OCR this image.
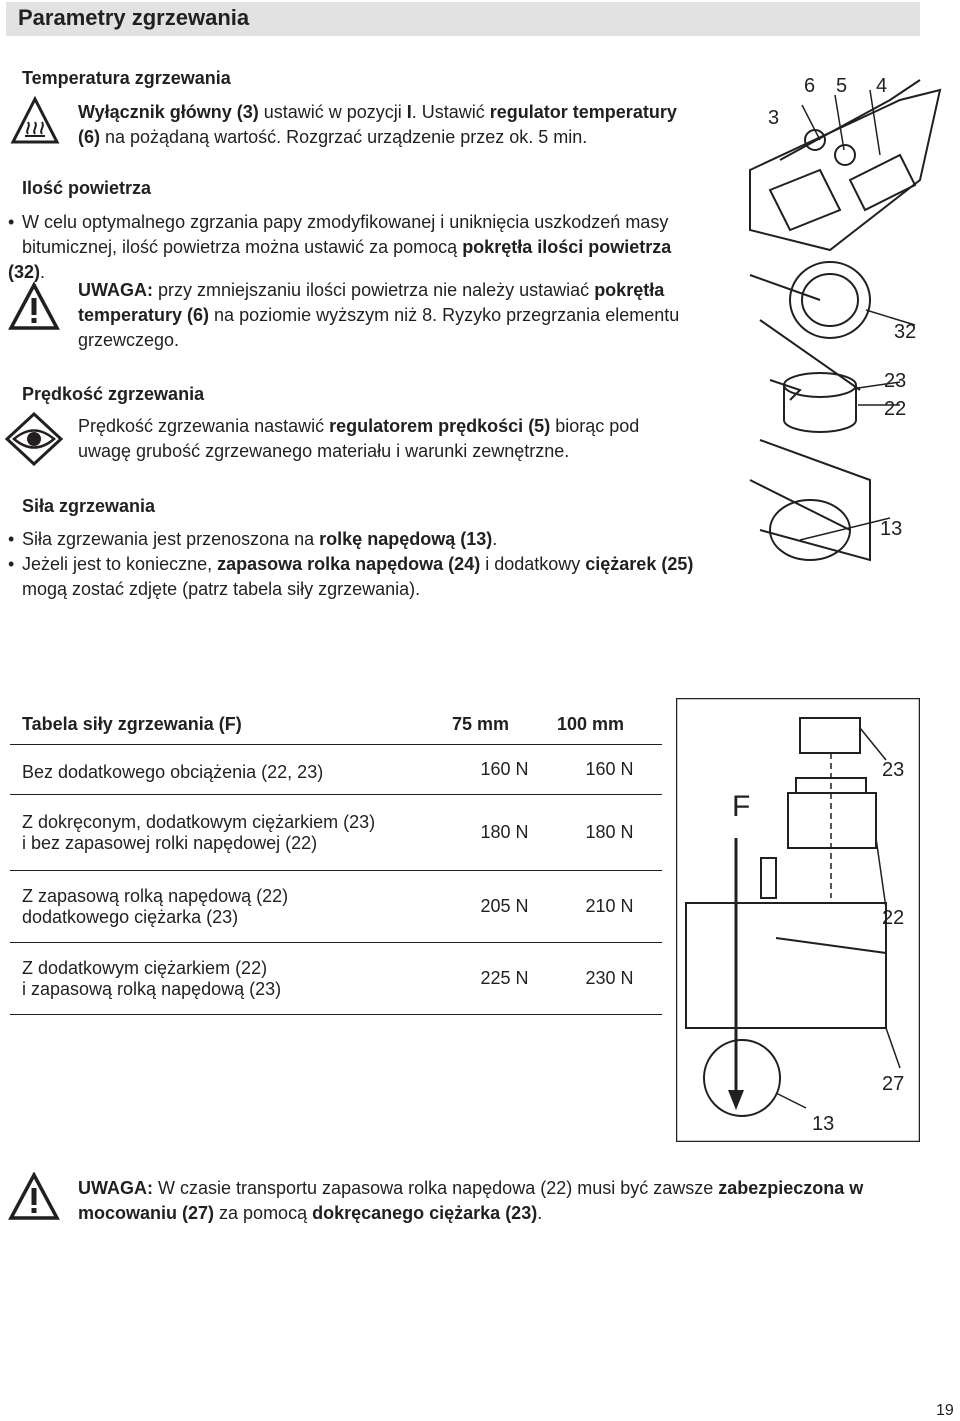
Parametry zgrzewania
Temperatura zgrzewania
Wyłącznik główny (3) ustawić w pozycji I. Ustawić regulator temperatury
(6) na pożądaną wartość. Rozgrzać urządzenie przez ok. 5 min.
Ilość powietrza
• W celu optymalnego zgrzania papy zmodyfikowanej i uniknięcia uszkodzeń masy
bitumicznej, ilość powietrza można ustawić za pomocą pokrętła ilości powietrza (32).
UWAGA: przy zmniejszaniu ilości powietrza nie należy ustawiać pokrętła
temperatury (6) na poziomie wyższym niż 8. Ryzyko przegrzania elementu
grzewczego.
Prędkość zgrzewania
Prędkość zgrzewania nastawić regulatorem prędkości (5) biorąc pod
uwagę grubość zgrzewanego materiału i warunki zewnętrzne.
Siła zgrzewania
• Siła zgrzewania jest przenoszona na rolkę napędową (13).
• Jeżeli jest to konieczne, zapasowa rolka napędowa (24) i dodatkowy ciężarek (25)
mogą zostać zdjęte (patrz tabela siły zgrzewania).
3
6 5 4
32
23
22
13
Tabela siły zgrzewania (F)	75 mm	100 mm
Bez dodatkowego obciążenia (22, 23)	160 N	160 N
Z dokręconym, dodatkowym ciężarkiem (23)
i bez zapasowej rolki napędowej (22)	180 N	180 N
Z zapasową rolką napędową (22)
dodatkowego ciężarka (23)	205 N	210 N
Z dodatkowym ciężarkiem (22)
i zapasową rolką napędową (23)	225 N	230 N
F
23
22
27
13
UWAGA: W czasie transportu zapasowa rolka napędowa (22) musi być zawsze zabezpieczona w
mocowaniu (27) za pomocą dokręcanego ciężarka (23).
19
